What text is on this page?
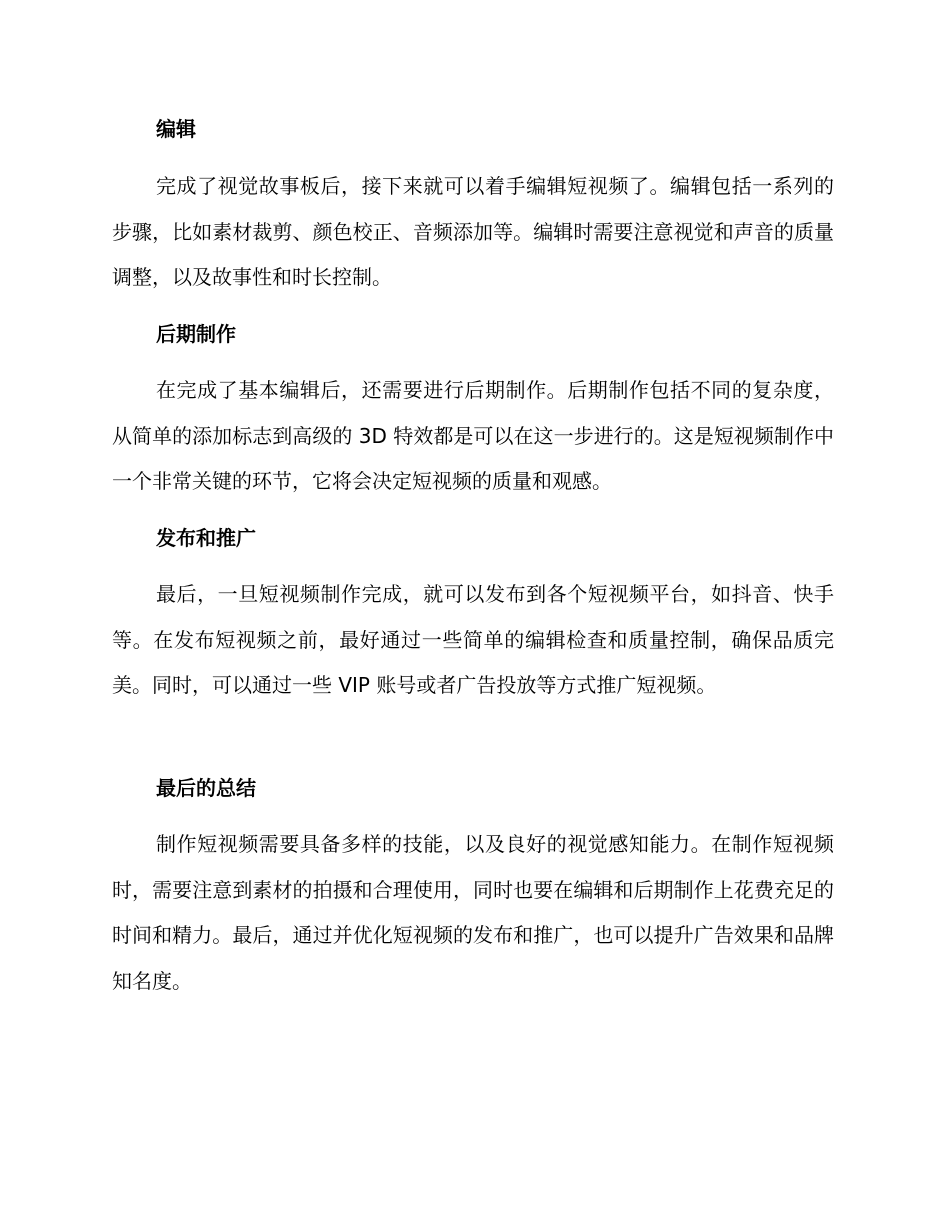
编辑

完成了视觉故事板后，接下来就可以着手编辑短视频了。编辑包括一系列的步骤，比如素材裁剪、颜色校正、音频添加等。编辑时需要注意视觉和声音的质量调整，以及故事性和时长控制。

后期制作

在完成了基本编辑后，还需要进行后期制作。后期制作包括不同的复杂度，从简单的添加标志到高级的 3D 特效都是可以在这一步进行的。这是短视频制作中一个非常关键的环节，它将会决定短视频的质量和观感。

发布和推广

最后，一旦短视频制作完成，就可以发布到各个短视频平台，如抖音、快手等。在发布短视频之前，最好通过一些简单的编辑检查和质量控制，确保品质完美。同时，可以通过一些 VIP 账号或者广告投放等方式推广短视频。

最后的总结

制作短视频需要具备多样的技能，以及良好的视觉感知能力。在制作短视频时，需要注意到素材的拍摄和合理使用，同时也要在编辑和后期制作上花费充足的时间和精力。最后，通过并优化短视频的发布和推广，也可以提升广告效果和品牌知名度。
